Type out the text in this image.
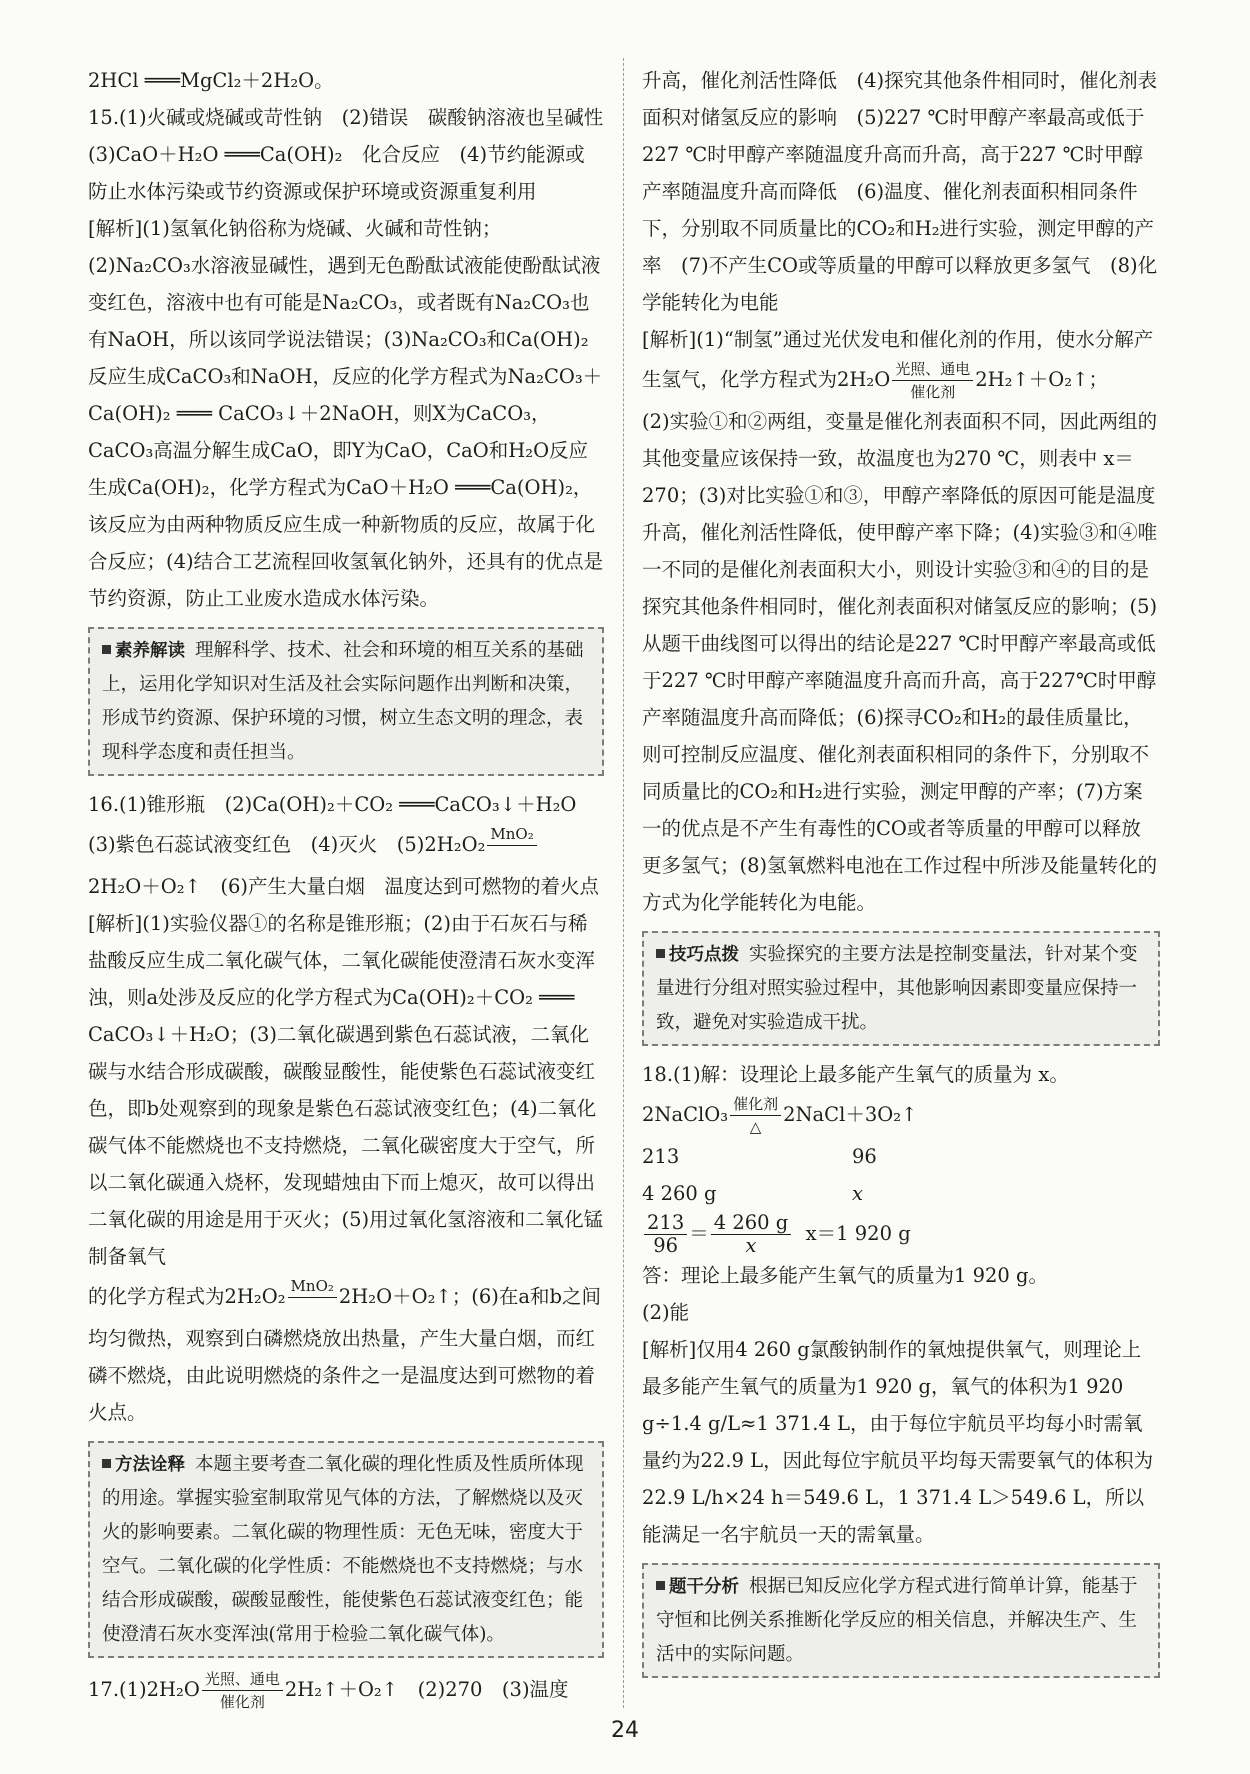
2HCl ═══MgCl₂＋2H₂O。

15.(1)火碱或烧碱或苛性钠　(2)错误　碳酸钠溶液也呈碱性　(3)CaO＋H₂O ═══Ca(OH)₂　化合反应　(4)节约能源或防止水体污染或节约资源或保护环境或资源重复利用

[解析](1)氢氧化钠俗称为烧碱、火碱和苛性钠；(2)Na₂CO₃水溶液显碱性，遇到无色酚酞试液能使酚酞试液变红色，溶液中也有可能是Na₂CO₃，或者既有Na₂CO₃也有NaOH，所以该同学说法错误；(3)Na₂CO₃和Ca(OH)₂反应生成CaCO₃和NaOH，反应的化学方程式为Na₂CO₃＋Ca(OH)₂ ═══ CaCO₃↓＋2NaOH，则X为CaCO₃，CaCO₃高温分解生成CaO，即Y为CaO，CaO和H₂O反应生成Ca(OH)₂，化学方程式为CaO＋H₂O ═══Ca(OH)₂，该反应为由两种物质反应生成一种新物质的反应，故属于化合反应；(4)结合工艺流程回收氢氧化钠外，还具有的优点是节约资源，防止工业废水造成水体污染。

素养解读 理解科学、技术、社会和环境的相互关系的基础上，运用化学知识对生活及社会实际问题作出判断和决策，形成节约资源、保护环境的习惯，树立生态文明的理念，表现科学态度和责任担当。

16.(1)锥形瓶　(2)Ca(OH)₂＋CO₂ ═══CaCO₃↓＋H₂O

(3)紫色石蕊试液变红色　(4)灭火　(5)2H₂O₂ MnO₂

2H₂O＋O₂↑　(6)产生大量白烟　温度达到可燃物的着火点

[解析](1)实验仪器①的名称是锥形瓶；(2)由于石灰石与稀盐酸反应生成二氧化碳气体，二氧化碳能使澄清石灰水变浑浊，则a处涉及反应的化学方程式为Ca(OH)₂＋CO₂ ═══ CaCO₃↓＋H₂O；(3)二氧化碳遇到紫色石蕊试液，二氧化碳与水结合形成碳酸，碳酸显酸性，能使紫色石蕊试液变红色，即b处观察到的现象是紫色石蕊试液变红色；(4)二氧化碳气体不能燃烧也不支持燃烧，二氧化碳密度大于空气，所以二氧化碳通入烧杯，发现蜡烛由下而上熄灭，故可以得出二氧化碳的用途是用于灭火；(5)用过氧化氢溶液和二氧化锰制备氧气

的化学方程式为2H₂O₂ MnO₂
2H₂O＋O₂↑；(6)在a和b之间均匀微热，观察到白磷燃烧放出热量，产生大量白烟，而红磷不燃烧，由此说明燃烧的条件之一是温度达到可燃物的着火点。

方法诠释 本题主要考查二氧化碳的理化性质及性质所体现的用途。掌握实验室制取常见气体的方法，了解燃烧以及灭火的影响要素。二氧化碳的物理性质：无色无味，密度大于空气。二氧化碳的化学性质：不能燃烧也不支持燃烧；与水结合形成碳酸，碳酸显酸性，能使紫色石蕊试液变红色；能使澄清石灰水变浑浊(常用于检验二氧化碳气体)。

$17.(1)2H_2O \frac{\text{光照、通电}}{\text{催化剂}}$ 2H₂↑＋O₂↑　(2)270　(3)温度

升高，催化剂活性降低　(4)探究其他条件相同时，催化剂表面积对储氢反应的影响　(5)227 ℃时甲醇产率最高或低于227 ℃时甲醇产率随温度升高而升高，高于227 ℃时甲醇产率随温度升高而降低　(6)温度、催化剂表面积相同条件下，分别取不同质量比的CO₂和H₂进行实验，测定甲醇的产率　(7)不产生CO或等质量的甲醇可以释放更多氢气　(8)化学能转化为电能

[解析](1)“制氢”通过光伏发电和催化剂的作用，使水分解产

生氢气，化学方程式为$2H_2O \frac{\text{光照、通电}}{\text{催化剂}}$ 2H₂↑＋O₂↑；

(2)实验①和②两组，变量是催化剂表面积不同，因此两组的其他变量应该保持一致，故温度也为270 ℃，则表中 x＝270；(3)对比实验①和③，甲醇产率降低的原因可能是温度升高，催化剂活性降低，使甲醇产率下降；(4)实验③和④唯一不同的是催化剂表面积大小，则设计实验③和④的目的是探究其他条件相同时，催化剂表面积对储氢反应的影响；(5)从题干曲线图可以得出的结论是227 ℃时甲醇产率最高或低于227 ℃时甲醇产率随温度升高而升高，高于227℃时甲醇产率随温度升高而降低；(6)探寻CO₂和H₂的最佳质量比，则可控制反应温度、催化剂表面积相同的条件下，分别取不同质量比的CO₂和H₂进行实验，测定甲醇的产率；(7)方案一的优点是不产生有毒性的CO或者等质量的甲醇可以释放更多氢气；(8)氢氧燃料电池在工作过程中所涉及能量转化的方式为化学能转化为电能。

技巧点拨 实验探究的主要方法是控制变量法，针对某个变量进行分组对照实验过程中，其他影响因素即变量应保持一致，避免对实验造成干扰。

18.(1)解：设理论上最多能产生氧气的质量为 x。

2NaClO₃ $\frac{\text{催化剂}}{\triangle}$ 2NaCl＋3O₂↑

213	96
4 260 g	x

$\frac{213}{96} = \frac{4 260 g}{x} x=1$ 920 g

答：理论上最多能产生氧气的质量为1 920 g。

(2)能

[解析]仅用4 260 g氯酸钠制作的氧烛提供氧气，则理论上最多能产生氧气的质量为1 920 g，氧气的体积为1 920 g÷1.4 g/L≈1 371.4 L，由于每位宇航员平均每小时需氧量约为22.9 L，因此每位宇航员平均每天需要氧气的体积为22.9 L/h×24 h＝549.6 L，1 371.4 L＞549.6 L，所以能满足一名宇航员一天的需氧量。

题干分析 根据已知反应化学方程式进行简单计算，能基于守恒和比例关系推断化学反应的相关信息，并解决生产、生活中的实际问题。
24
